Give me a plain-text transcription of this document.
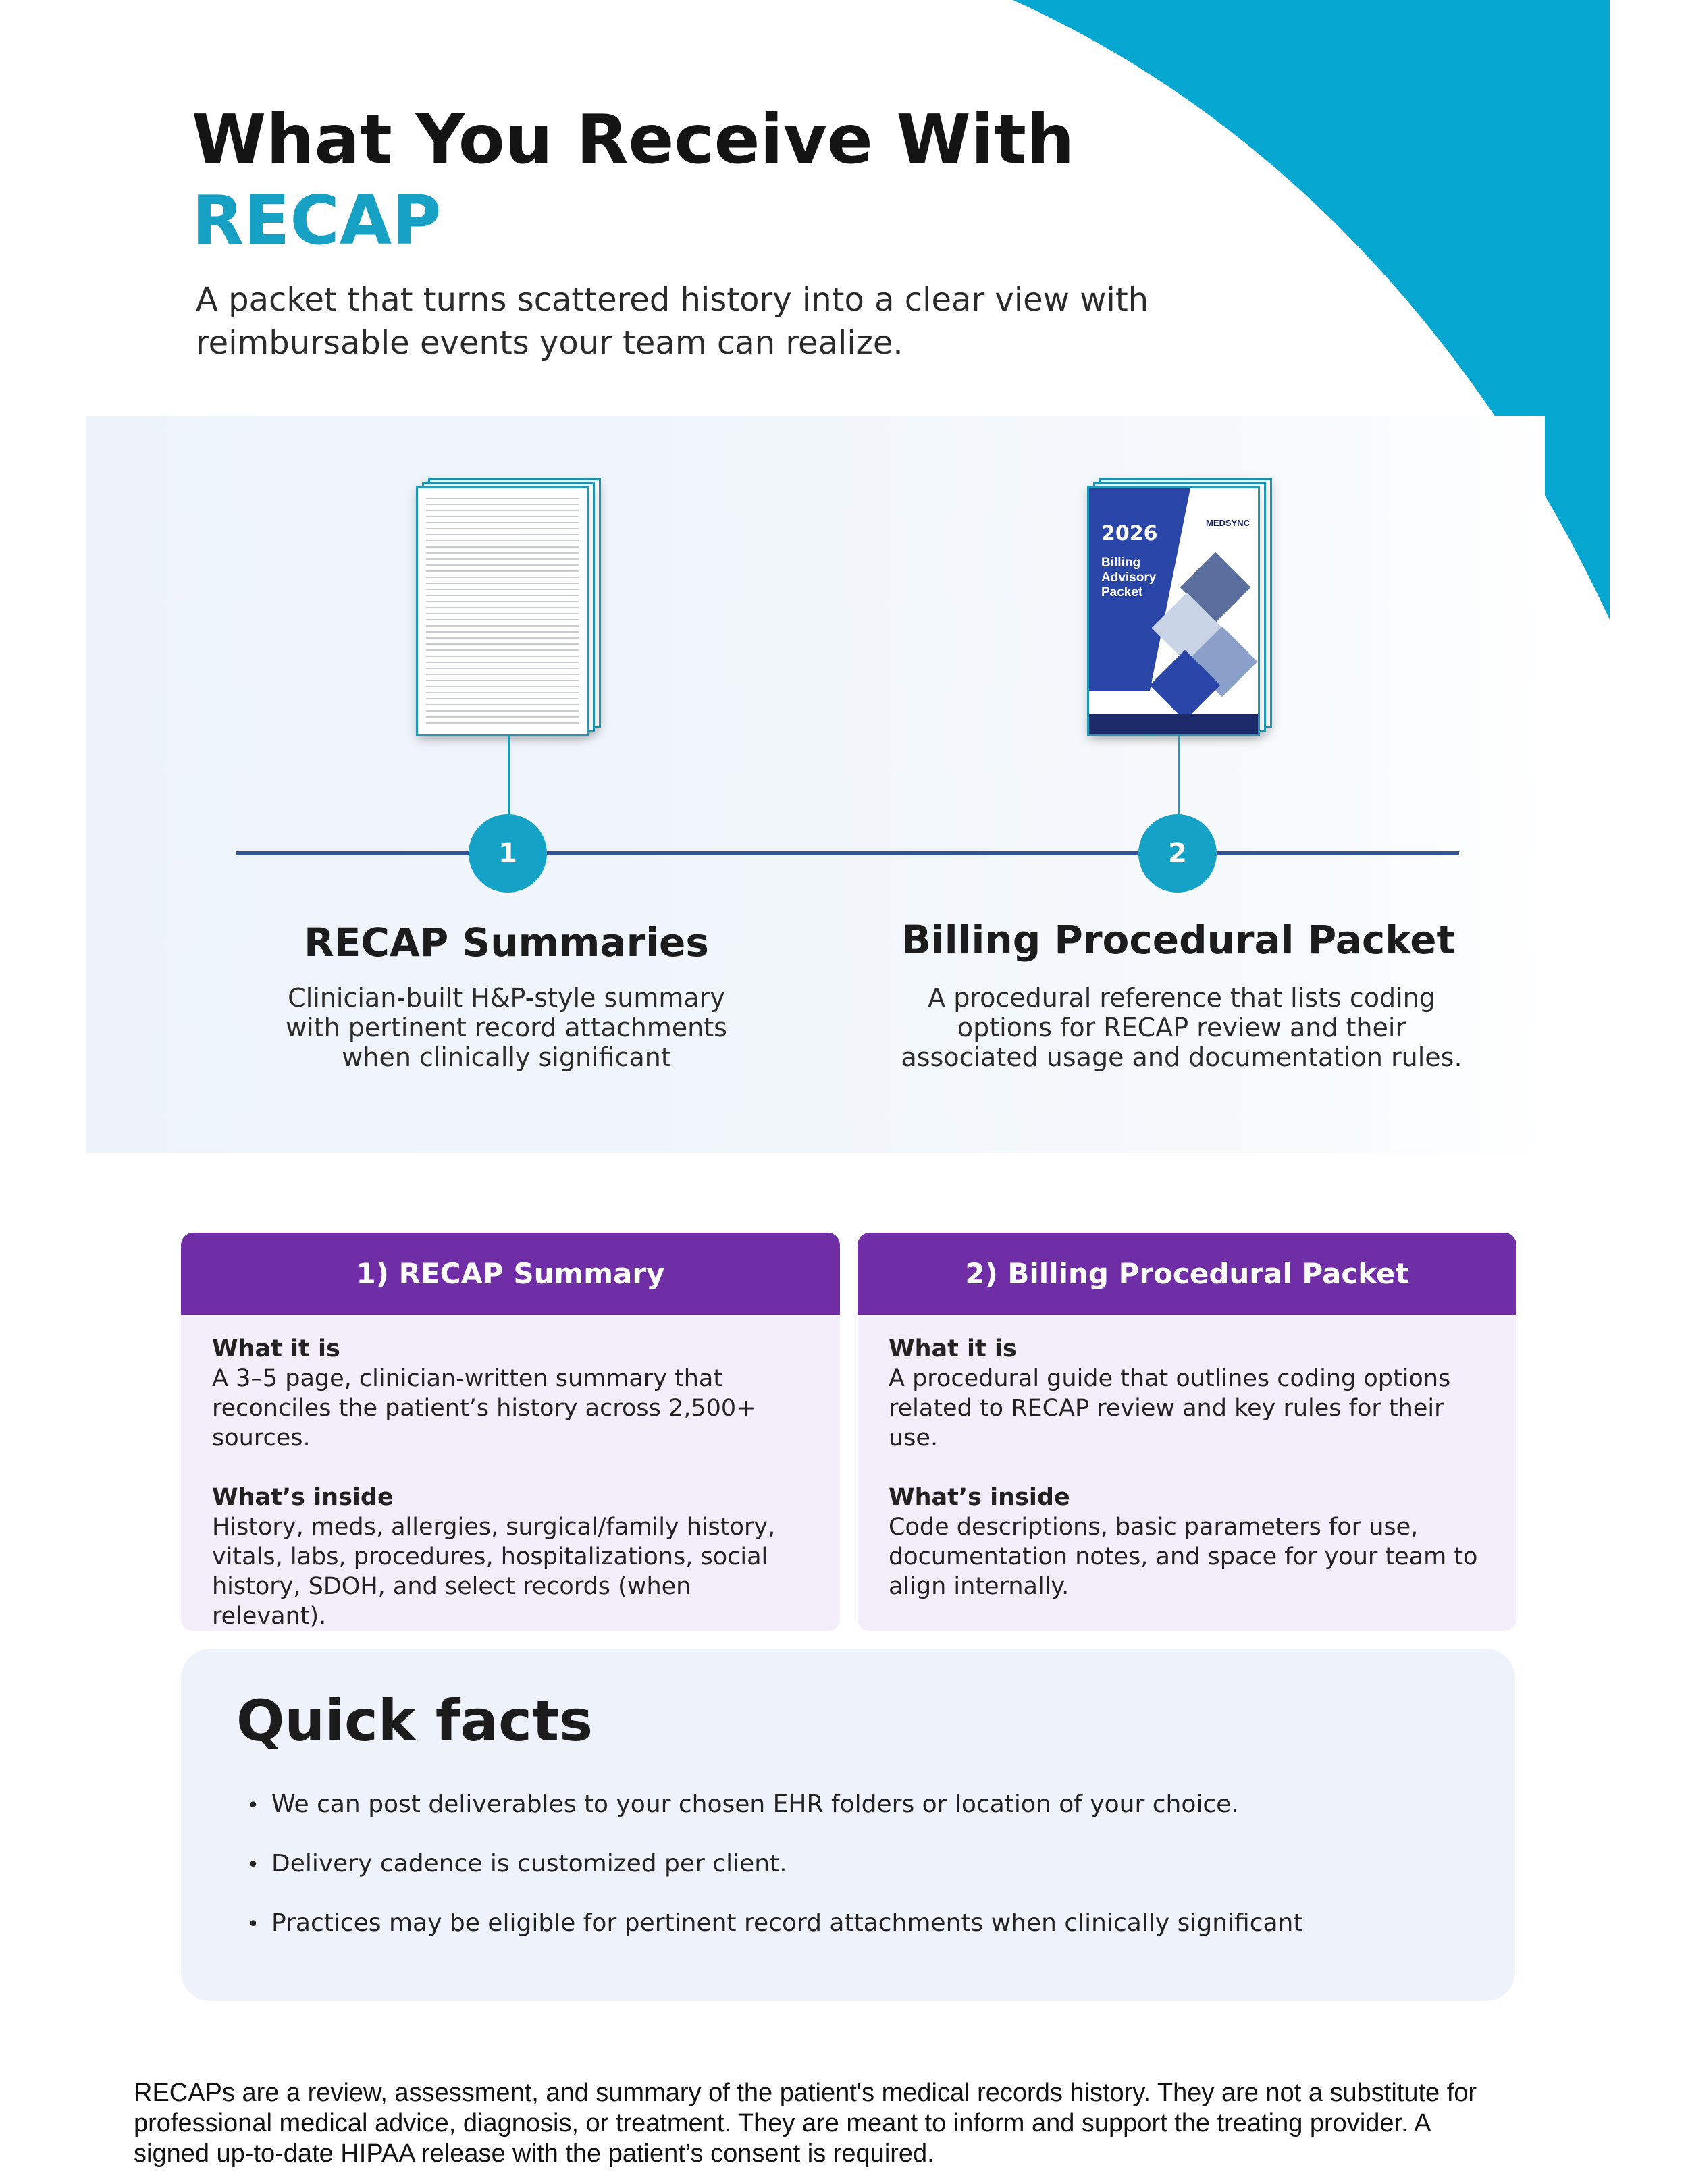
What You Receive With
RECAP
A packet that turns scattered history into a clear view with reimbursable events your team can realize.
2026
Billing Advisory Packet
MEDSYNC
1	2
RECAP Summaries	Billing Procedural Packet
Clinician-built H&P-style summary
with pertinent record attachments
when clinically significant
A procedural reference that lists coding
options for RECAP review and their
associated usage and documentation rules.
1) RECAP Summary
What it is
A 3–5 page, clinician-written summary that
reconciles the patient’s history across 2,500+
sources.
What’s inside
History, meds, allergies, surgical/family history,
vitals, labs, procedures, hospitalizations, social
history, SDOH, and select records (when relevant).
2) Billing Procedural Packet
What it is
A procedural guide that outlines coding options
related to RECAP review and key rules for their
use.
What’s inside
Code descriptions, basic parameters for use,
documentation notes, and space for your team to
align internally.
Quick facts
• We can post deliverables to your chosen EHR folders or location of your choice.
• Delivery cadence is customized per client.
• Practices may be eligible for pertinent record attachments when clinically significant
RECAPs are a review, assessment, and summary of the patient's medical records history. They are not a substitute for
professional medical advice, diagnosis, or treatment. They are meant to inform and support the treating provider. A
signed up-to-date HIPAA release with the patient’s consent is required.
